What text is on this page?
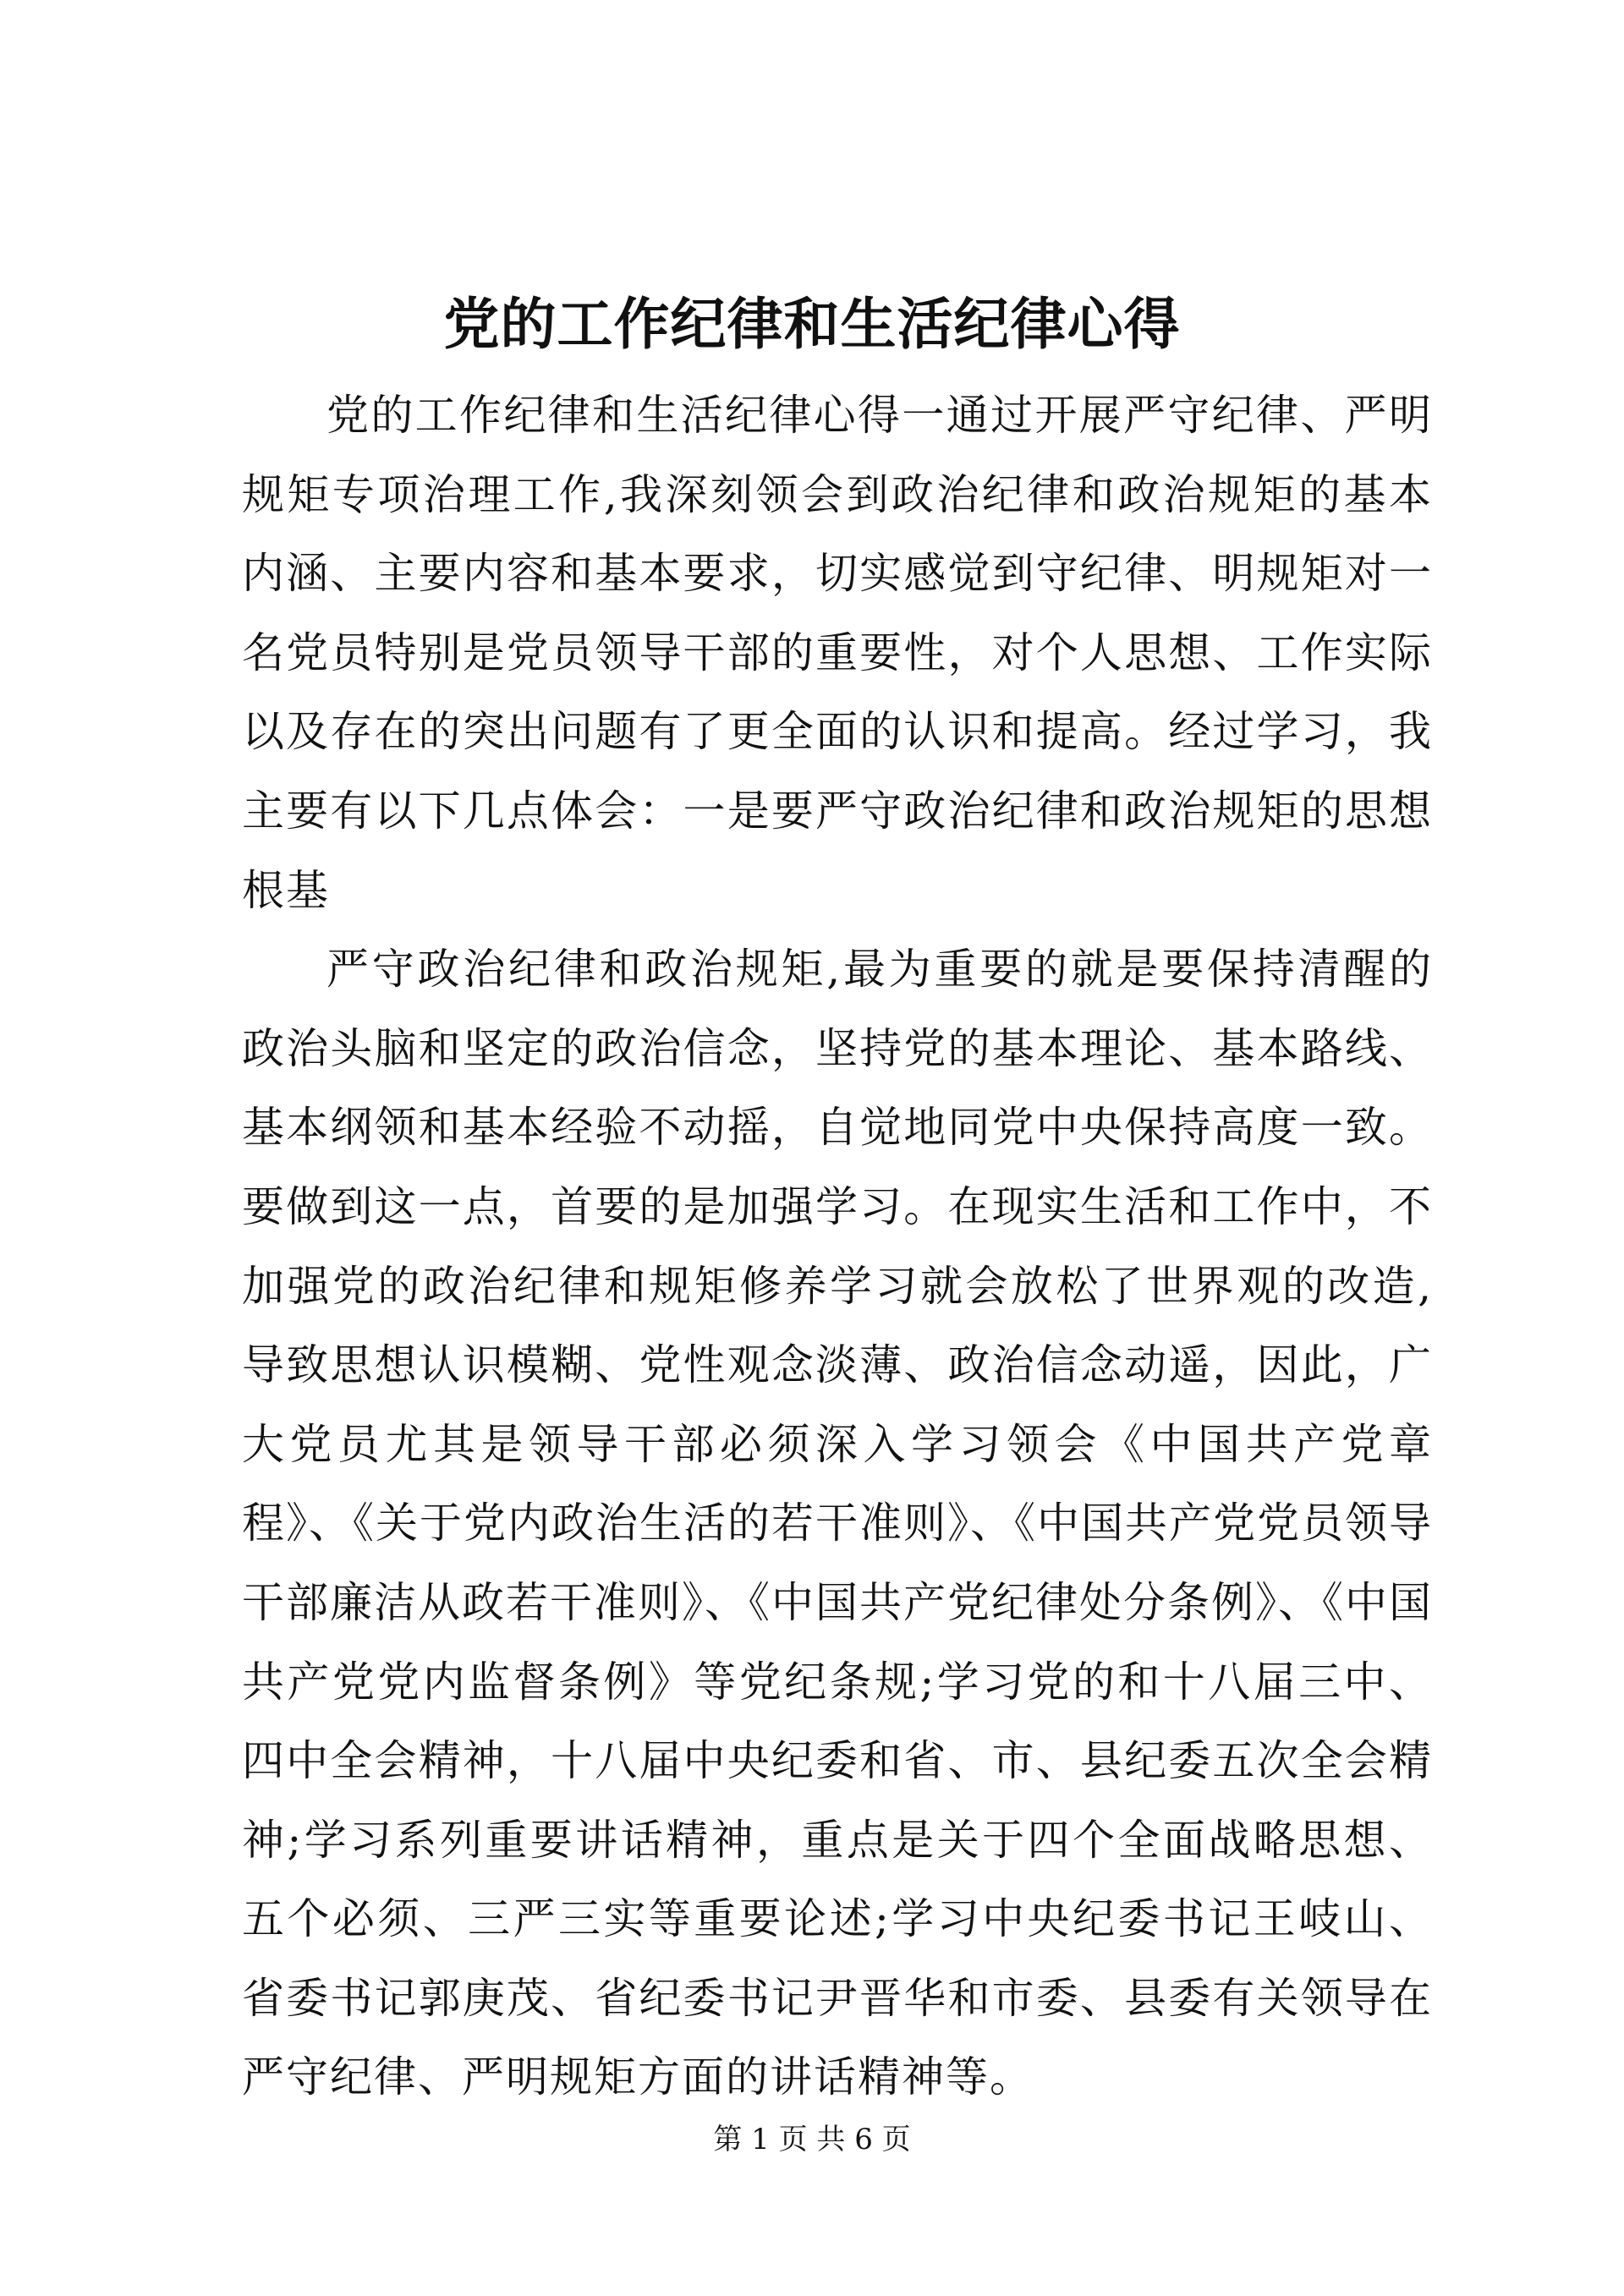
党的工作纪律和生活纪律心得

党的工作纪律和生活纪律心得一通过开展严守纪律、严明规矩专项治理工作,我深刻领会到政治纪律和政治规矩的基本内涵、主要内容和基本要求，切实感觉到守纪律、明规矩对一名党员特别是党员领导干部的重要性，对个人思想、工作实际以及存在的突出问题有了更全面的认识和提高。经过学习，我主要有以下几点体会：一是要严守政治纪律和政治规矩的思想根基

严守政治纪律和政治规矩,最为重要的就是要保持清醒的政治头脑和坚定的政治信念，坚持党的基本理论、基本路线、基本纲领和基本经验不动摇，自觉地同党中央保持高度一致。要做到这一点，首要的是加强学习。在现实生活和工作中，不加强党的政治纪律和规矩修养学习就会放松了世界观的改造,导致思想认识模糊、党性观念淡薄、政治信念动遥，因此，广大党员尤其是领导干部必须深入学习领会《中国共产党章程》、《关于党内政治生活的若干准则》、《中国共产党党员领导干部廉洁从政若干准则》、《中国共产党纪律处分条例》、《中国共产党党内监督条例》等党纪条规;学习党的和十八届三中、四中全会精神，十八届中央纪委和省、市、县纪委五次全会精神;学习系列重要讲话精神，重点是关于四个全面战略思想、五个必须、三严三实等重要论述;学习中央纪委书记王岐山、省委书记郭庚茂、省纪委书记尹晋华和市委、县委有关领导在严守纪律、严明规矩方面的讲话精神等。

第 1 页 共 6 页
